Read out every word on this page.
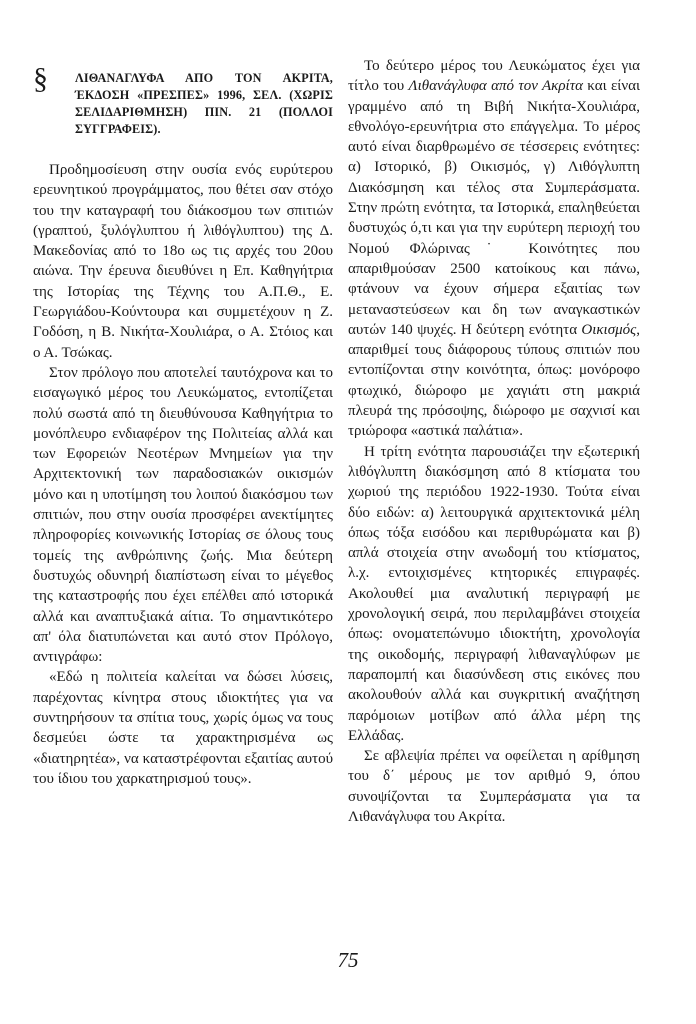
§ ΛΙΘΑΝΑΓΛΥΦΑ ΑΠΟ ΤΟΝ ΑΚΡΙΤΑ, ΈΚΔΟΣΗ «ΠΡΕΣΠΕΣ» 1996, ΣΕΛ. (ΧΩΡΙΣ ΣΕΛΙΔΑΡΙΘΜΗΣΗ) ΠΙΝ. 21 (ΠΟΛΛΟΙ ΣΥΓΓΡΑΦΕΙΣ).

Προδημοσίευση στην ουσία ενός ευρύτερου ερευνητικού προγράμματος, που θέτει σαν στόχο του την καταγραφή του διάκοσμου των σπιτιών (γραπτού, ξυλόγλυπτου ή λιθόγλυπτου) της Δ. Μακεδονίας από το 18ο ως τις αρχές του 20ου αιώνα. Την έρευνα διευθύνει η Επ. Καθηγήτρια της Ιστορίας της Τέχνης του Α.Π.Θ., Ε. Γεωργιάδου-Κούντουρα και συμμετέχουν η Ζ. Γοδόση, η Β. Νικήτα-Χουλιάρα, ο Α. Στόιος και ο Α. Τσώκας.

Στον πρόλογο που αποτελεί ταυτόχρονα και το εισαγωγικό μέρος του Λευκώματος, εντοπίζεται πολύ σωστά από τη διευθύνουσα Καθηγήτρια το μονόπλευρο ενδιαφέρον της Πολιτείας αλλά και των Εφορειών Νεοτέρων Μνημείων για την Αρχιτεκτονική των παραδοσιακών οικισμών μόνο και η υποτίμηση του λοιπού διακόσμου των σπιτιών, που στην ουσία προσφέρει ανεκτίμητες πληροφορίες κοινωνικής Ιστορίας σε όλους τους τομείς της ανθρώπινης ζωής. Μια δεύτερη δυστυχώς οδυνηρή διαπίστωση είναι το μέγεθος της καταστροφής που έχει επέλθει από ιστορικά αλλά και αναπτυξιακά αίτια. Το σημαντικότερο απ' όλα διατυπώνεται και αυτό στον Πρόλογο, αντιγράφω:

«Εδώ η πολιτεία καλείται να δώσει λύσεις, παρέχοντας κίνητρα στους ιδιοκτήτες για να συντηρήσουν τα σπίτια τους, χωρίς όμως να τους δεσμεύει ώστε τα χαρακτηρισμένα ως «διατηρητέα», να καταστρέφονται εξαιτίας αυτού του ίδιου του χαρκατηρισμού τους».

Το δεύτερο μέρος του Λευκώματος έχει για τίτλο του Λιθανάγλυφα από τον Ακρίτα και είναι γραμμένο από τη Βιβή Νικήτα-Χουλιάρα, εθνολόγο-ερευνήτρια στο επάγγελμα. Το μέρος αυτό είναι διαρθρωμένο σε τέσσερεις ενότητες: α) Ιστορικό, β) Οικισμός, γ) Λιθόγλυπτη Διακόσμηση και τέλος στα Συμπεράσματα. Στην πρώτη ενότητα, τα Ιστορικά, επαληθεύεται δυστυχώς ό,τι και για την ευρύτερη περιοχή του Νομού Φλώρινας˙ Κοινότητες που απαριθμούσαν 2500 κατοίκους και πάνω, φτάνουν να έχουν σήμερα εξαιτίας των μεταναστεύσεων και δη των αναγκαστικών αυτών 140 ψυχές. Η δεύτερη ενότητα Οικισμός, απαριθμεί τους διάφορους τύπους σπιτιών που εντοπίζονται στην κοινότητα, όπως: μονόροφο φτωχικό, διώροφο με χαγιάτι στη μακριά πλευρά της πρόσοψης, διώροφο με σαχνισί και τριώροφα «αστικά παλάτια».

Η τρίτη ενότητα παρουσιάζει την εξωτερική λιθόγλυπτη διακόσμηση από 8 κτίσματα του χωριού της περιόδου 1922-1930. Τούτα είναι δύο ειδών: α) λειτουργικά αρχιτεκτονικά μέλη όπως τόξα εισόδου και περιθυρώματα και β) απλά στοιχεία στην ανωδομή του κτίσματος, λ.χ. εντοιχισμένες κτητορικές επιγραφές. Ακολουθεί μια αναλυτική περιγραφή με χρονολογική σειρά, που περιλαμβάνει στοιχεία όπως: ονοματεπώνυμο ιδιοκτήτη, χρονολογία της οικοδομής, περιγραφή λιθαναγλύφων με παραπομπή και διασύνδεση στις εικόνες που ακολουθούν αλλά και συγκριτική αναζήτηση παρόμοιων μοτίβων από άλλα μέρη της Ελλάδας.

Σε αβλεψία πρέπει να οφείλεται η αρίθμηση του δ΄ μέρους με τον αριθμό 9, όπου συνοψίζονται τα Συμπεράσματα για τα Λιθανάγλυφα του Ακρίτα.

75
